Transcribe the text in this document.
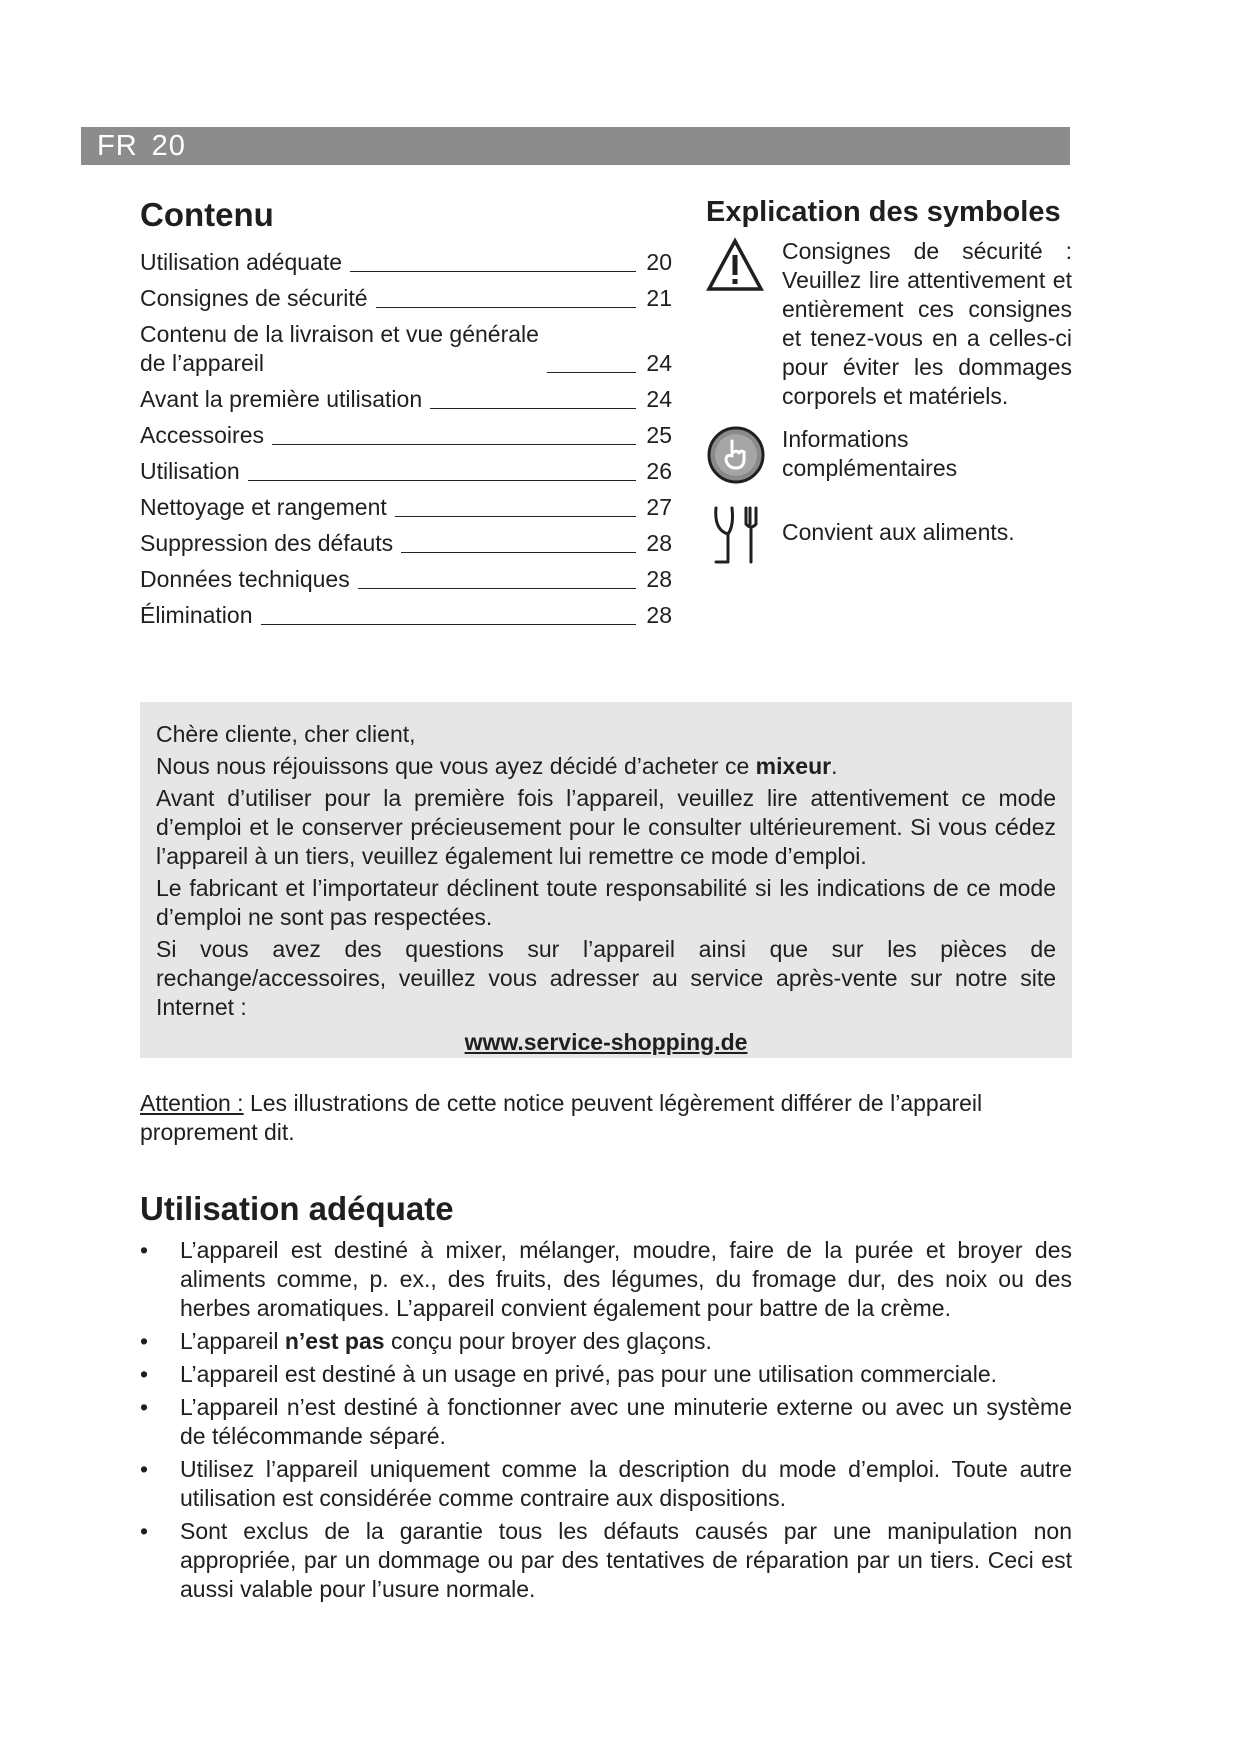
FR 20
Contenu
Utilisation adéquate	20
Consignes de sécurité	21
Contenu de la livraison et vue générale
de l’appareil	24
Avant la première utilisation	24
Accessoires	25
Utilisation	26
Nettoyage et rangement	27
Suppression des défauts	28
Données techniques	28
Élimination	28
Explication des symboles
Consignes de sécurité : Veuillez lire attentivement et entièrement ces consignes et tenez-vous en a celles-ci pour éviter les dommages corporels et matériels.
Informations complémentaires
Convient aux aliments.

Chère cliente, cher client,

Nous nous réjouissons que vous ayez décidé d’acheter ce mixeur.

Avant d’utiliser pour la première fois l’appareil, veuillez lire attentivement ce mode d’emploi et le conserver précieusement pour le consulter ultérieurement. Si vous cédez l’appareil à un tiers, veuillez également lui remettre ce mode d’emploi.

Le fabricant et l’importateur déclinent toute responsabilité si les indications de ce mode d’emploi ne sont pas respectées.

Si vous avez des questions sur l’appareil ainsi que sur les pièces de rechange/accessoires, veuillez vous adresser au service après-vente sur notre site Internet :

www.service-shopping.de

Attention : Les illustrations de cette notice peuvent légèrement différer de l’appareil proprement dit.
Utilisation adéquate
• L’appareil est destiné à mixer, mélanger, moudre, faire de la purée et broyer des aliments comme, p. ex., des fruits, des légumes, du fromage dur, des noix ou des herbes aromatiques. L’appareil convient également pour battre de la crème.
• L’appareil n’est pas conçu pour broyer des glaçons.
• L’appareil est destiné à un usage en privé, pas pour une utilisation commerciale.
• L’appareil n’est destiné à fonctionner avec une minuterie externe ou avec un système de télécommande séparé.
• Utilisez l’appareil uniquement comme la description du mode d’emploi. Toute autre utilisation est considérée comme contraire aux dispositions.
• Sont exclus de la garantie tous les défauts causés par une manipulation non appropriée, par un dommage ou par des tentatives de réparation par un tiers. Ceci est aussi valable pour l’usure normale.
